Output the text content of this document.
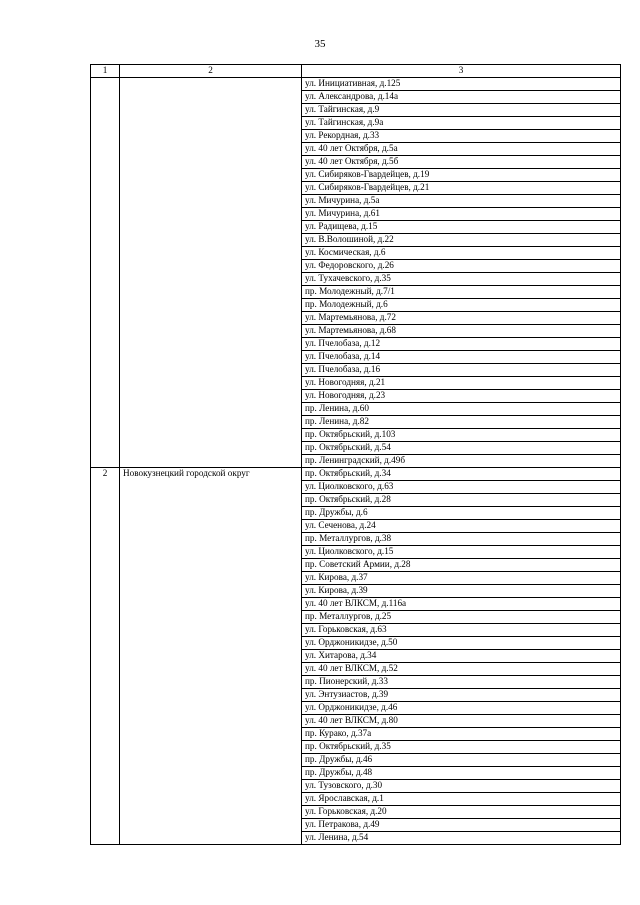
35
1	2	3
		ул. Инициативная, д.125
		ул. Александрова, д.14а
		ул. Тайгинская, д.9
		ул. Тайгинская, д.9а
		ул. Рекордная, д.33
		ул. 40 лет Октября, д.5а
		ул. 40 лет Октября, д.5б
		ул. Сибиряков-Гвардейцев, д.19
		ул. Сибиряков-Гвардейцев, д.21
		ул. Мичурина, д.5а
		ул. Мичурина, д.61
		ул. Радищева, д.15
		ул. В.Волошиной, д.22
		ул. Космическая, д.6
		ул. Федоровского, д.26
		ул. Тухачевского, д.35
		пр. Молодежный, д.7/1
		пр. Молодежный, д.6
		ул. Мартемьянова, д.72
		ул. Мартемьянова, д.68
		ул. Пчелобаза, д.12
		ул. Пчелобаза, д.14
		ул. Пчелобаза, д.16
		ул. Новогодняя, д.21
		ул. Новогодняя, д.23
		пр. Ленина, д.60
		пр. Ленина, д.82
		пр. Октябрьский, д.103
		пр. Октябрьский, д.54
		пр. Ленинградский, д.49б
2	Новокузнецкий городской округ	пр. Октябрьский, д.34
		ул. Циолковского, д.63
		пр. Октябрьский, д.28
		пр. Дружбы, д.6
		ул. Сеченова, д.24
		пр. Металлургов, д.38
		ул. Циолковского, д.15
		пр. Советский Армии, д.28
		ул. Кирова, д.37
		ул. Кирова, д.39
		ул. 40 лет ВЛКСМ, д.116а
		пр. Металлургов, д.25
		ул. Горьковская, д.63
		ул. Орджоникидзе, д.50
		ул. Хитарова, д.34
		ул. 40 лет ВЛКСМ, д.52
		пр. Пионерский, д.33
		ул. Энтузиастов, д.39
		ул. Орджоникидзе, д.46
		ул. 40 лет ВЛКСМ, д.80
		пр. Курако, д.37а
		пр. Октябрьский, д.35
		пр. Дружбы, д.46
		пр. Дружбы, д.48
		ул. Тузовского, д.30
		ул. Ярославская, д.1
		ул. Горьковская, д.20
		ул. Петракова, д.49
		ул. Ленина, д.54
